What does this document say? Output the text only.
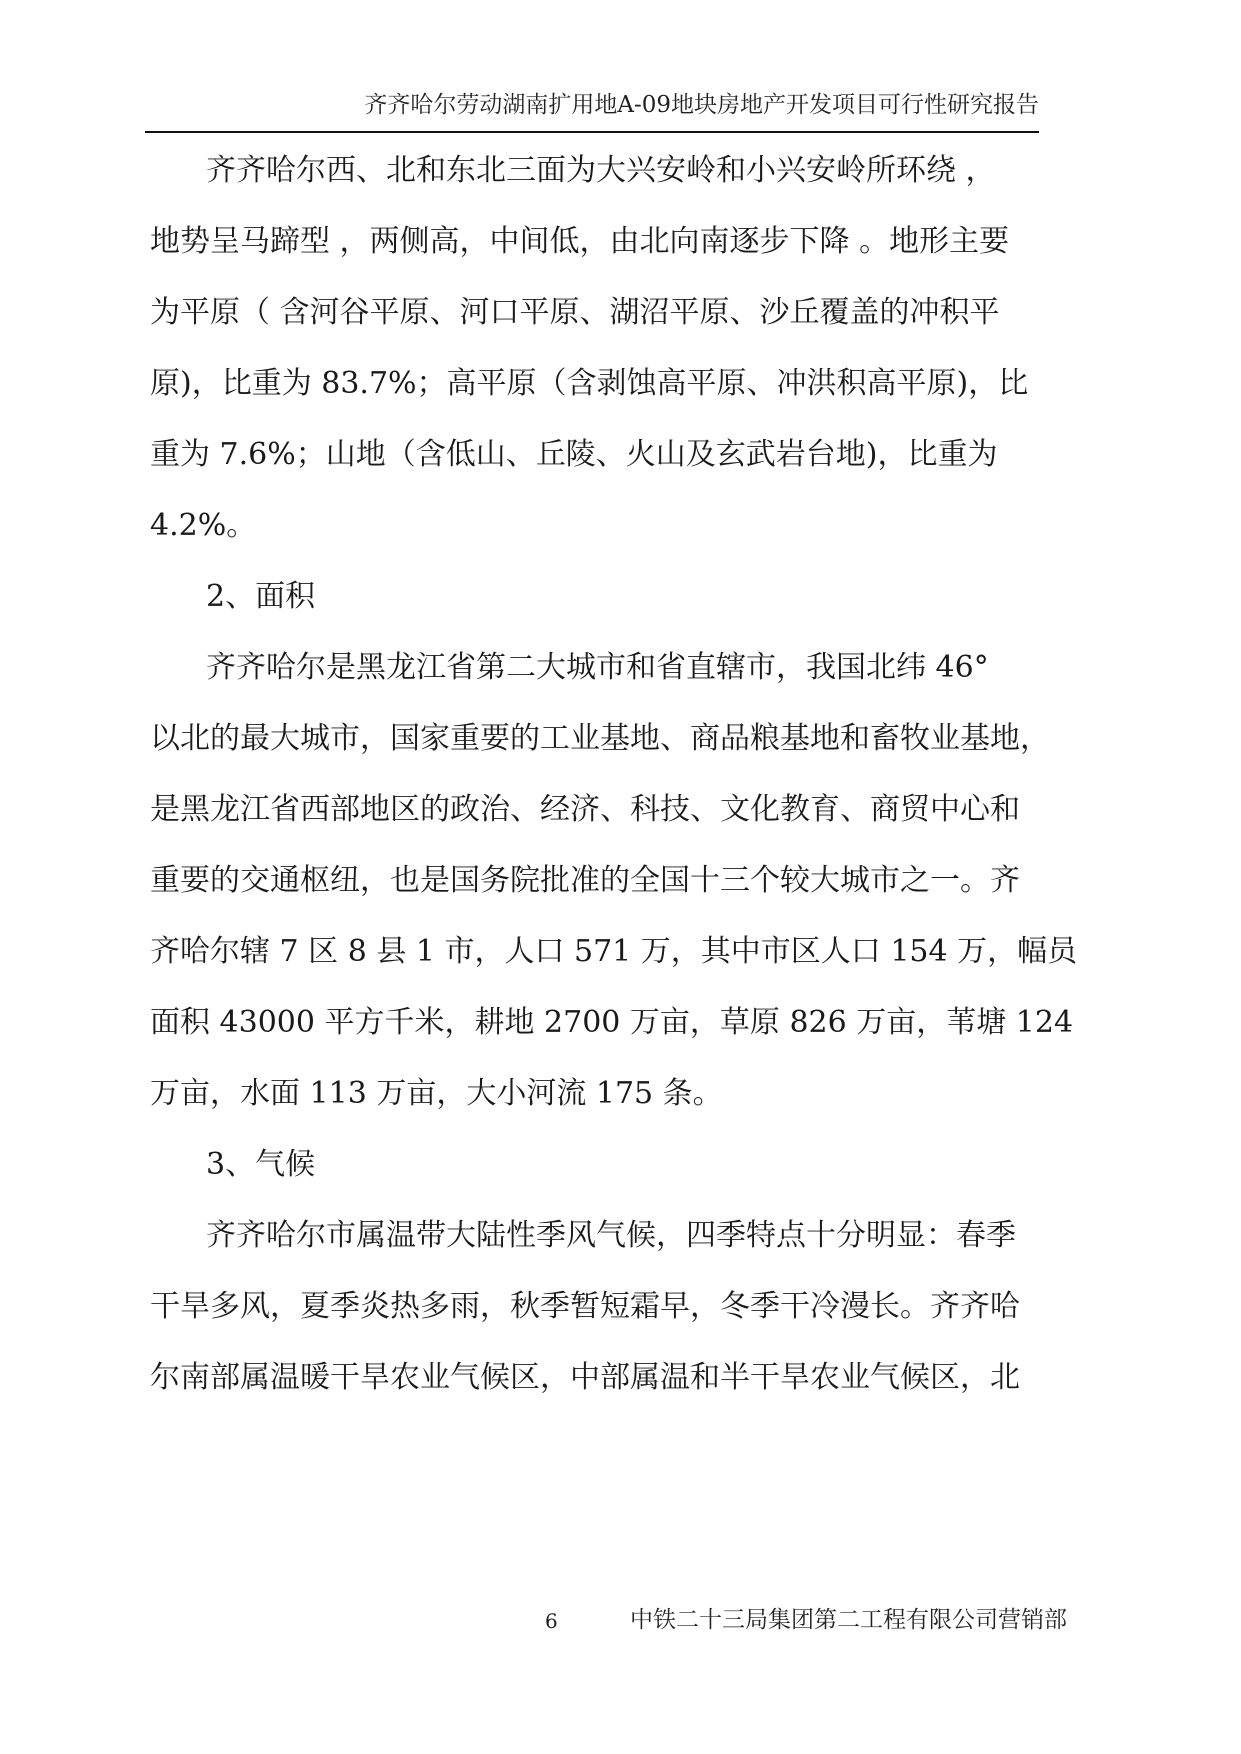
齐齐哈尔劳动湖南扩用地A-09地块房地产开发项目可行性研究报告
齐齐哈尔西、北和东北三面为大兴安岭和小兴安岭所环绕 ，
地势呈马蹄型 ，两侧高，中间低，由北向南逐步下降 。地形主要
为平原（ 含河谷平原、河口平原、湖沼平原、沙丘覆盖的冲积平
原)，比重为 83.7%；高平原（含剥蚀高平原、冲洪积高平原)，比
重为 7.6%；山地（含低山、丘陵、火山及玄武岩台地)，比重为
4.2%。
2、面积
齐齐哈尔是黑龙江省第二大城市和省直辖市，我国北纬 46°
以北的最大城市，国家重要的工业基地、商品粮基地和畜牧业基地，
是黑龙江省西部地区的政治、经济、科技、文化教育、商贸中心和
重要的交通枢纽，也是国务院批准的全国十三个较大城市之一。齐
齐哈尔辖 7 区 8 县 1 市，人口 571 万，其中市区人口 154 万，幅员
面积 43000 平方千米，耕地 2700 万亩，草原 826 万亩，苇塘 124
万亩，水面 113 万亩，大小河流 175 条。
3、气候
齐齐哈尔市属温带大陆性季风气候，四季特点十分明显：春季
干旱多风，夏季炎热多雨，秋季暂短霜早，冬季干冷漫长。齐齐哈
尔南部属温暖干旱农业气候区，中部属温和半干旱农业气候区，北
6	中铁二十三局集团第二工程有限公司营销部
